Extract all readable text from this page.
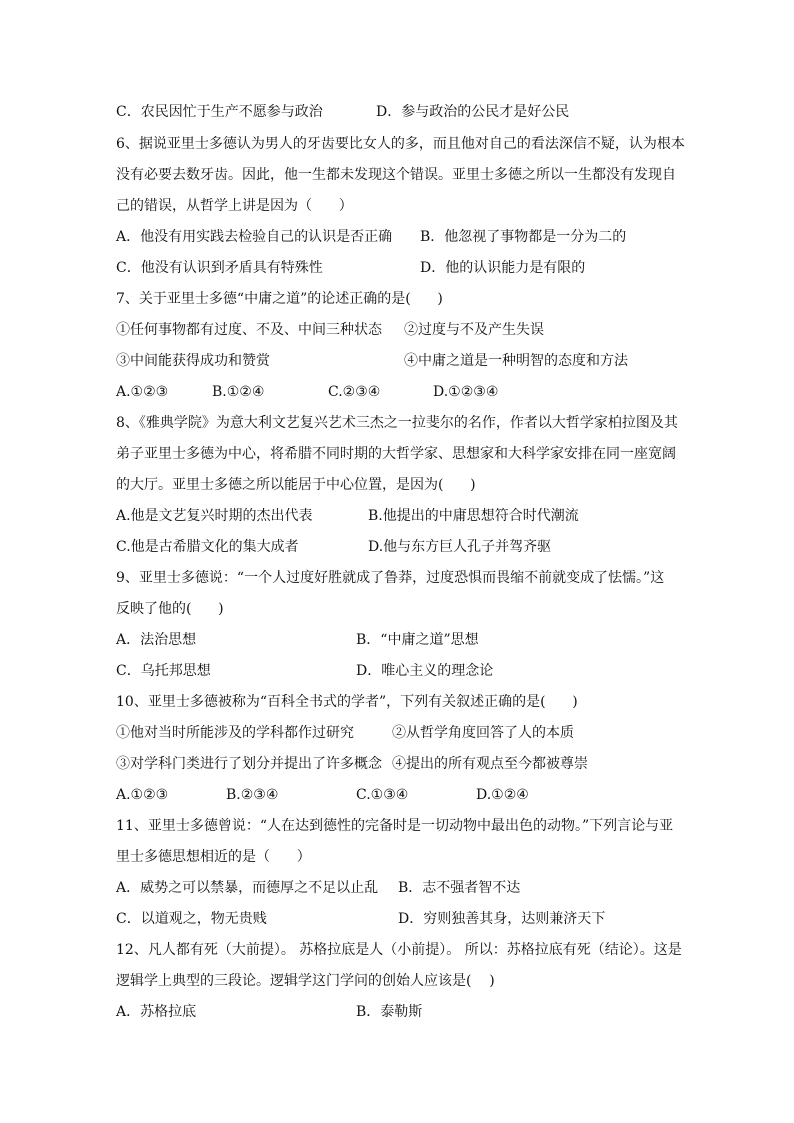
C．农民因忙于生产不愿参与政治	D．参与政治的公民才是好公民
6、据说亚里士多德认为男人的牙齿要比女人的多，而且他对自己的看法深信不疑，认为根本
没有必要去数牙齿。因此，他一生都未发现这个错误。亚里士多德之所以一生都没有发现自
己的错误，从哲学上讲是因为（      ）
A．他没有用实践去检验自己的认识是否正确 B．他忽视了事物都是一分为二的
C．他没有认识到矛盾具有特殊性	D．他的认识能力是有限的
7、关于亚里士多德“中庸之道”的论述正确的是(      )
①任何事物都有过度、不及、中间三种状态 ②过度与不及产生失误
③中间能获得成功和赞赏	④中庸之道是一种明智的态度和方法
A.①②③	B.①②④	C.②③④	D.①②③④
8、《雅典学院》为意大利文艺复兴艺术三杰之一拉斐尔的名作，作者以大哲学家柏拉图及其
弟子亚里士多德为中心，将希腊不同时期的大哲学家、思想家和大科学家安排在同一座宽阔
的大厅。亚里士多德之所以能居于中心位置，是因为(      )
A.他是文艺复兴时期的杰出代表	B.他提出的中庸思想符合时代潮流
C.他是古希腊文化的集大成者	D.他与东方巨人孔子并驾齐驱
9、亚里士多德说：“一个人过度好胜就成了鲁莽，过度恐惧而畏缩不前就变成了怯懦。”这
反映了他的(      )
A．法治思想	B．“中庸之道”思想
C．乌托邦思想	D．唯心主义的理念论
10、亚里士多德被称为“百科全书式的学者”，下列有关叙述正确的是(      )
①他对当时所能涉及的学科都作过研究	②从哲学角度回答了人的本质
③对学科门类进行了划分并提出了许多概念 ④提出的所有观点至今都被尊崇
A.①②③	B.②③④	C.①③④	D.①②④
11、亚里士多德曾说：“人在达到德性的完备时是一切动物中最出色的动物。”下列言论与亚
里士多德思想相近的是（      ）
A．威势之可以禁暴，而德厚之不足以止乱 B．志不强者智不达
C．以道观之，物无贵贱	D．穷则独善其身，达则兼济天下
12、凡人都有死（大前提）。 苏格拉底是人（小前提）。 所以：苏格拉底有死（结论）。这是
逻辑学上典型的三段论。逻辑学这门学问的创始人应该是(    )
A．苏格拉底	B．泰勒斯
